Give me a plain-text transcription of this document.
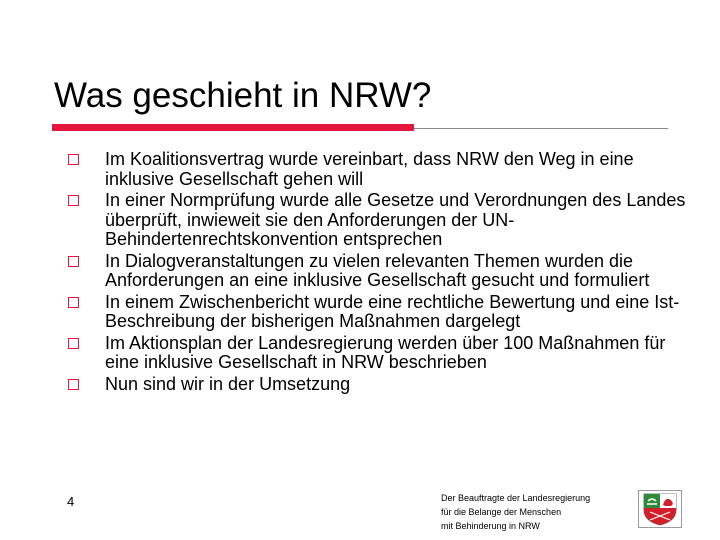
Was geschieht in NRW?
Im Koalitionsvertrag wurde vereinbart, dass NRW den Weg in eine inklusive Gesellschaft gehen will
In einer Normprüfung wurde alle Gesetze und Verordnungen des Landes überprüft, inwieweit sie den Anforderungen der UN-Behindertenrechtskonvention entsprechen
In Dialogveranstaltungen zu vielen relevanten Themen wurden die Anforderungen an eine inklusive Gesellschaft gesucht und formuliert
In einem Zwischenbericht wurde eine rechtliche Bewertung und eine Ist-Beschreibung der bisherigen Maßnahmen dargelegt
Im Aktionsplan der Landesregierung werden über 100 Maßnahmen für eine inklusive Gesellschaft in NRW beschrieben
Nun sind wir in der Umsetzung
4	Der Beauftragte der Landesregierung
für die Belange der Menschen
mit Behinderung in NRW
